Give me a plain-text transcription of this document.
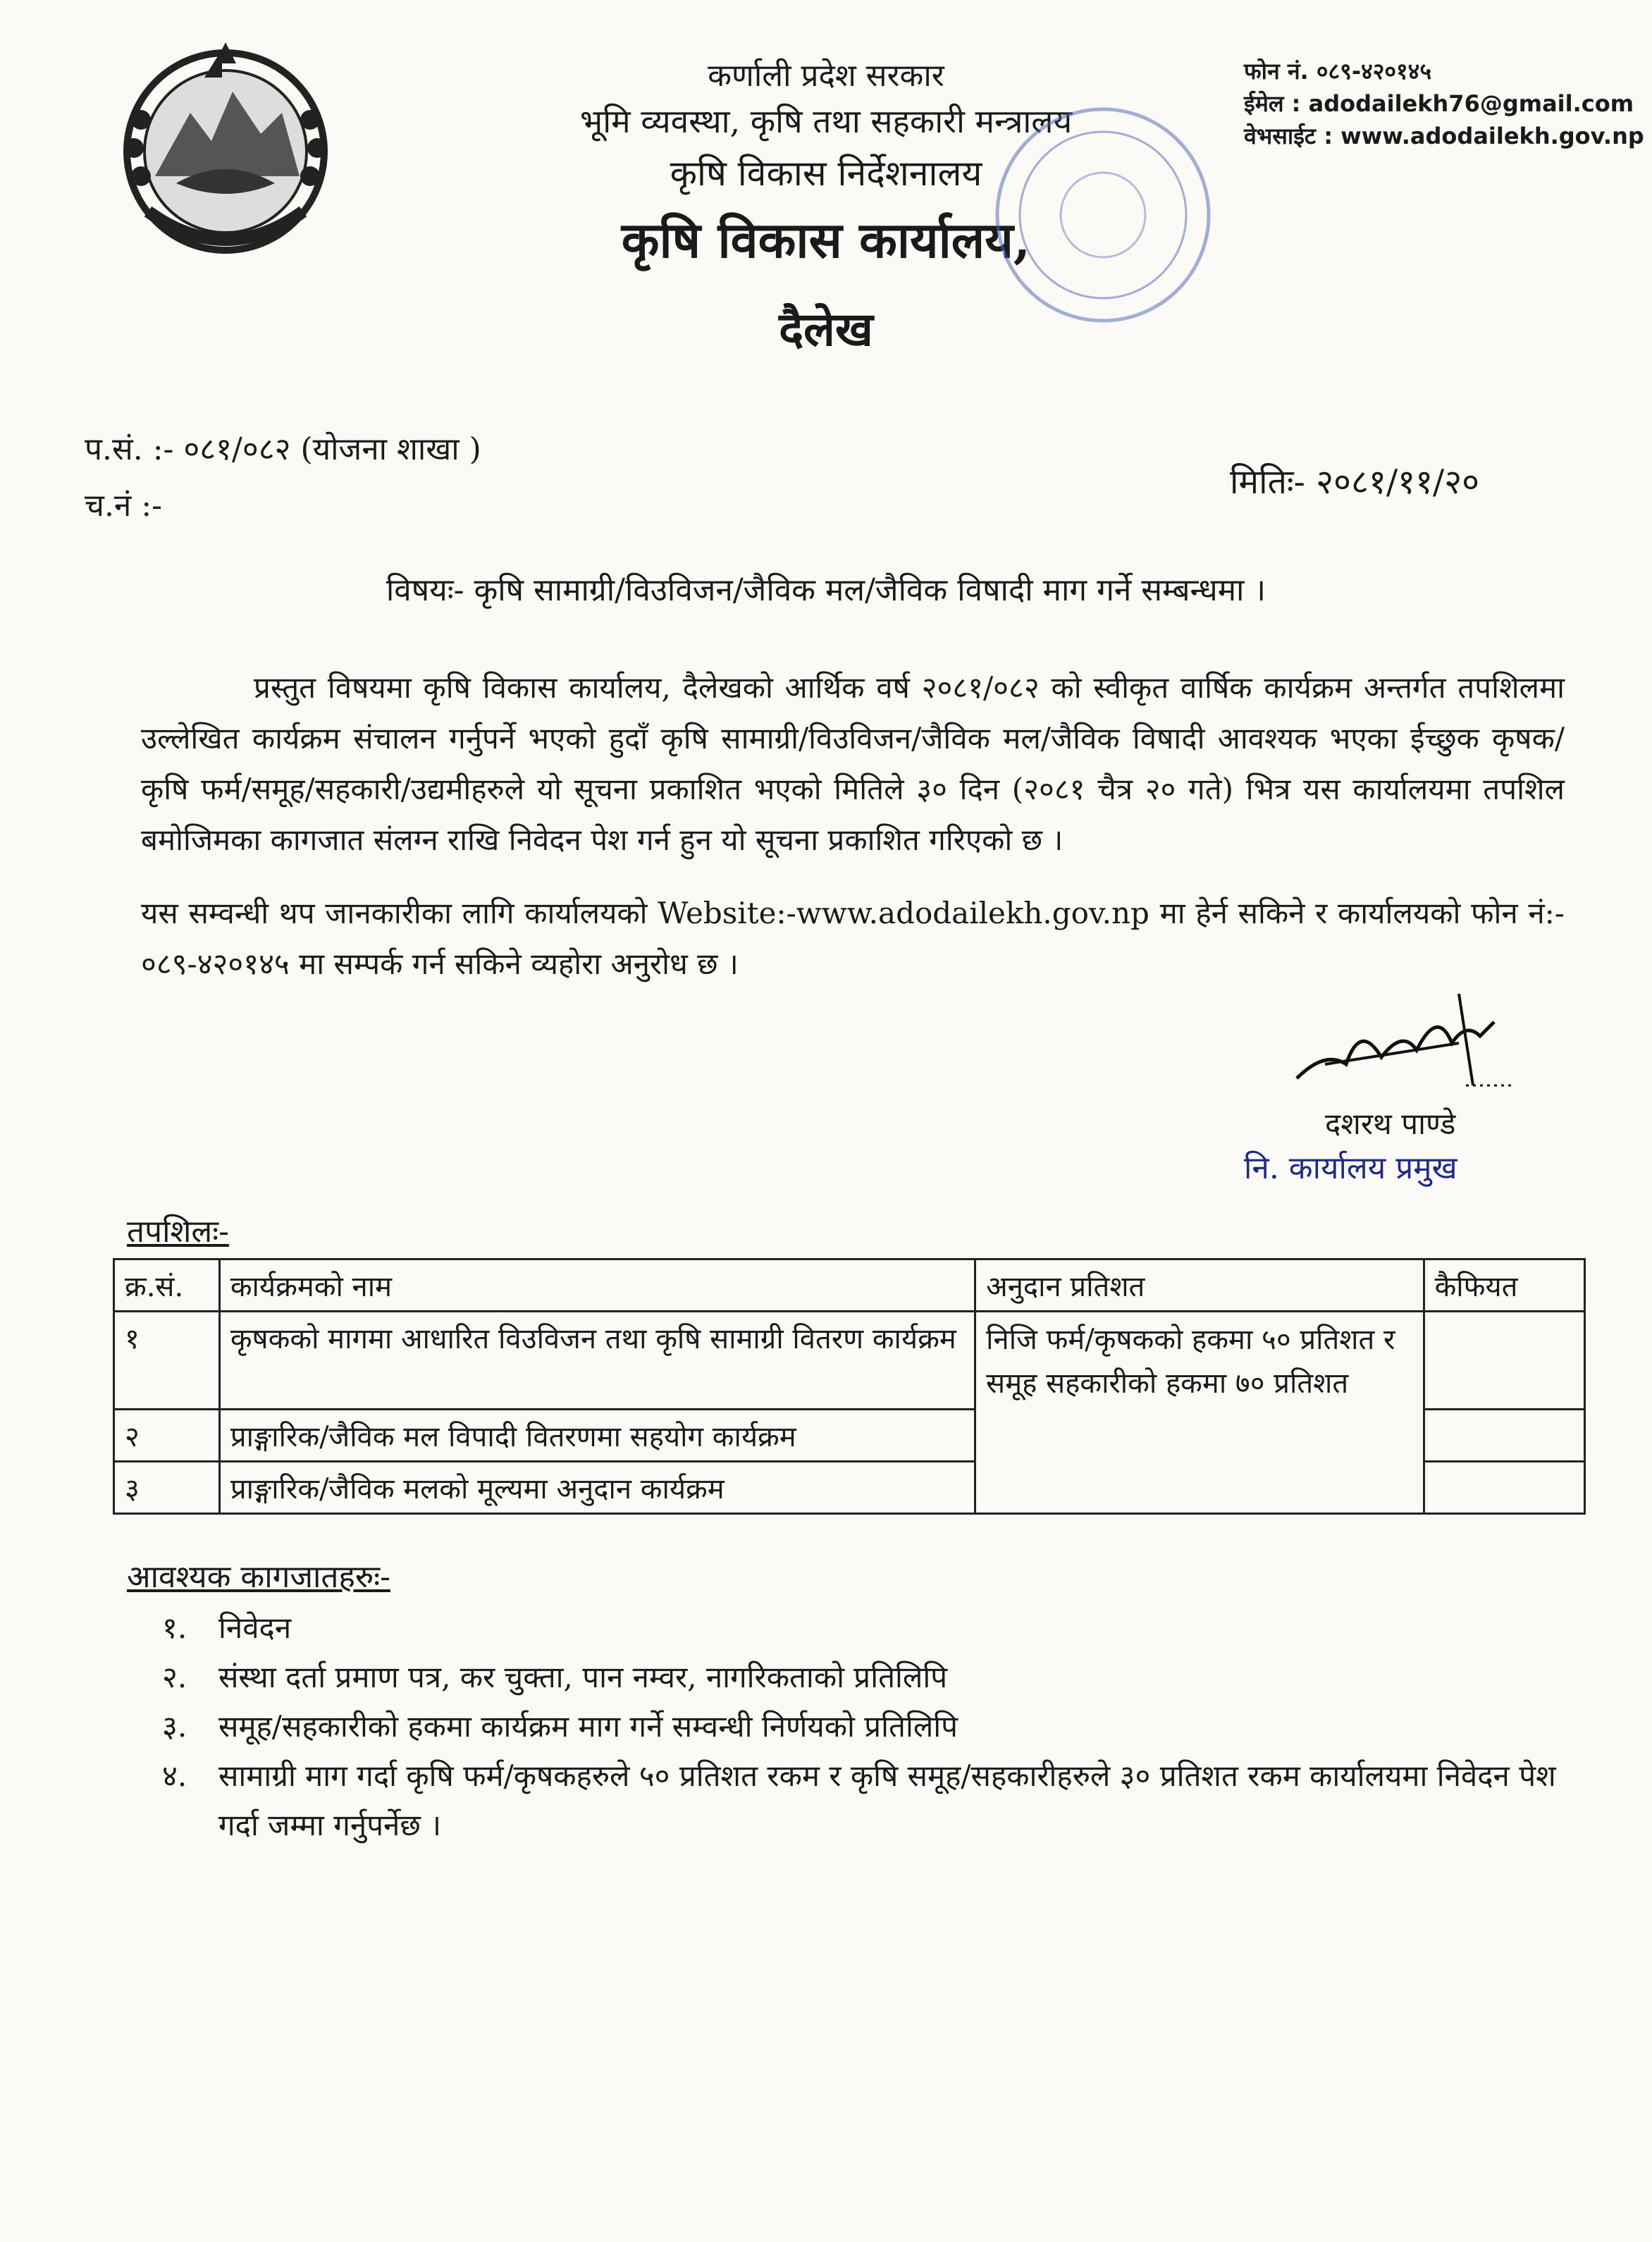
कर्णाली प्रदेश सरकार
भूमि व्यवस्था, कृषि तथा सहकारी मन्त्रालय
कृषि विकास निर्देशनालय
कृषि विकास कार्यालय,
दैलेख
फोन नं. ०८९-४२०१४५
ईमेल : adodailekh76@gmail.com
वेभसाईट : www.adodailekh.gov.np
प.सं. :- ०८१/०८२ (योजना शाखा )
च.नं :-
मितिः- २०८१/११/२०
विषयः- कृषि सामाग्री/विउविजन/जैविक मल/जैविक विषादी माग गर्ने सम्बन्धमा ।
प्रस्तुत विषयमा कृषि विकास कार्यालय, दैलेखको आर्थिक वर्ष २०८१/०८२ को स्वीकृत वार्षिक कार्यक्रम अन्तर्गत तपशिलमा उल्लेखित कार्यक्रम संचालन गर्नुपर्ने भएको हुदाँ कृषि सामाग्री/विउविजन/जैविक मल/जैविक विषादी आवश्यक भएका ईच्छुक कृषक/कृषि फर्म/समूह/सहकारी/उद्यमीहरुले यो सूचना प्रकाशित भएको मितिले ३० दिन (२०८१ चैत्र २० गते) भित्र यस कार्यालयमा तपशिल बमोजिमका कागजात संलग्न राखि निवेदन पेश गर्न हुन यो सूचना प्रकाशित गरिएको छ ।
यस सम्वन्धी थप जानकारीका लागि कार्यालयको Website:-www.adodailekh.gov.np मा हेर्न सकिने र कार्यालयको फोन नं:- ०८९-४२०१४५ मा सम्पर्क गर्न सकिने व्यहोरा अनुरोध छ ।
दशरथ पाण्डे
नि. कार्यालय प्रमुख
तपशिलः-
क्र.सं.	कार्यक्रमको नाम	अनुदान प्रतिशत	कैफियत
१	कृषकको मागमा आधारित विउविजन तथा कृषि सामाग्री वितरण कार्यक्रम	निजि फर्म/कृषकको हकमा ५० प्रतिशत र समूह सहकारीको हकमा ७० प्रतिशत	
२	प्राङ्गारिक/जैविक मल विपादी वितरणमा सहयोग कार्यक्रम		
३	प्राङ्गारिक/जैविक मलको मूल्यमा अनुदान कार्यक्रम		
आवश्यक कागजातहरुः-
१.	निवेदन
२.	संस्था दर्ता प्रमाण पत्र, कर चुक्ता, पान नम्वर, नागरिकताको प्रतिलिपि
३.	समूह/सहकारीको हकमा कार्यक्रम माग गर्ने सम्वन्धी निर्णयको प्रतिलिपि
४.	सामाग्री माग गर्दा कृषि फर्म/कृषकहरुले ५० प्रतिशत रकम र कृषि समूह/सहकारीहरुले ३० प्रतिशत रकम कार्यालयमा निवेदन पेश गर्दा जम्मा गर्नुपर्नेछ ।
